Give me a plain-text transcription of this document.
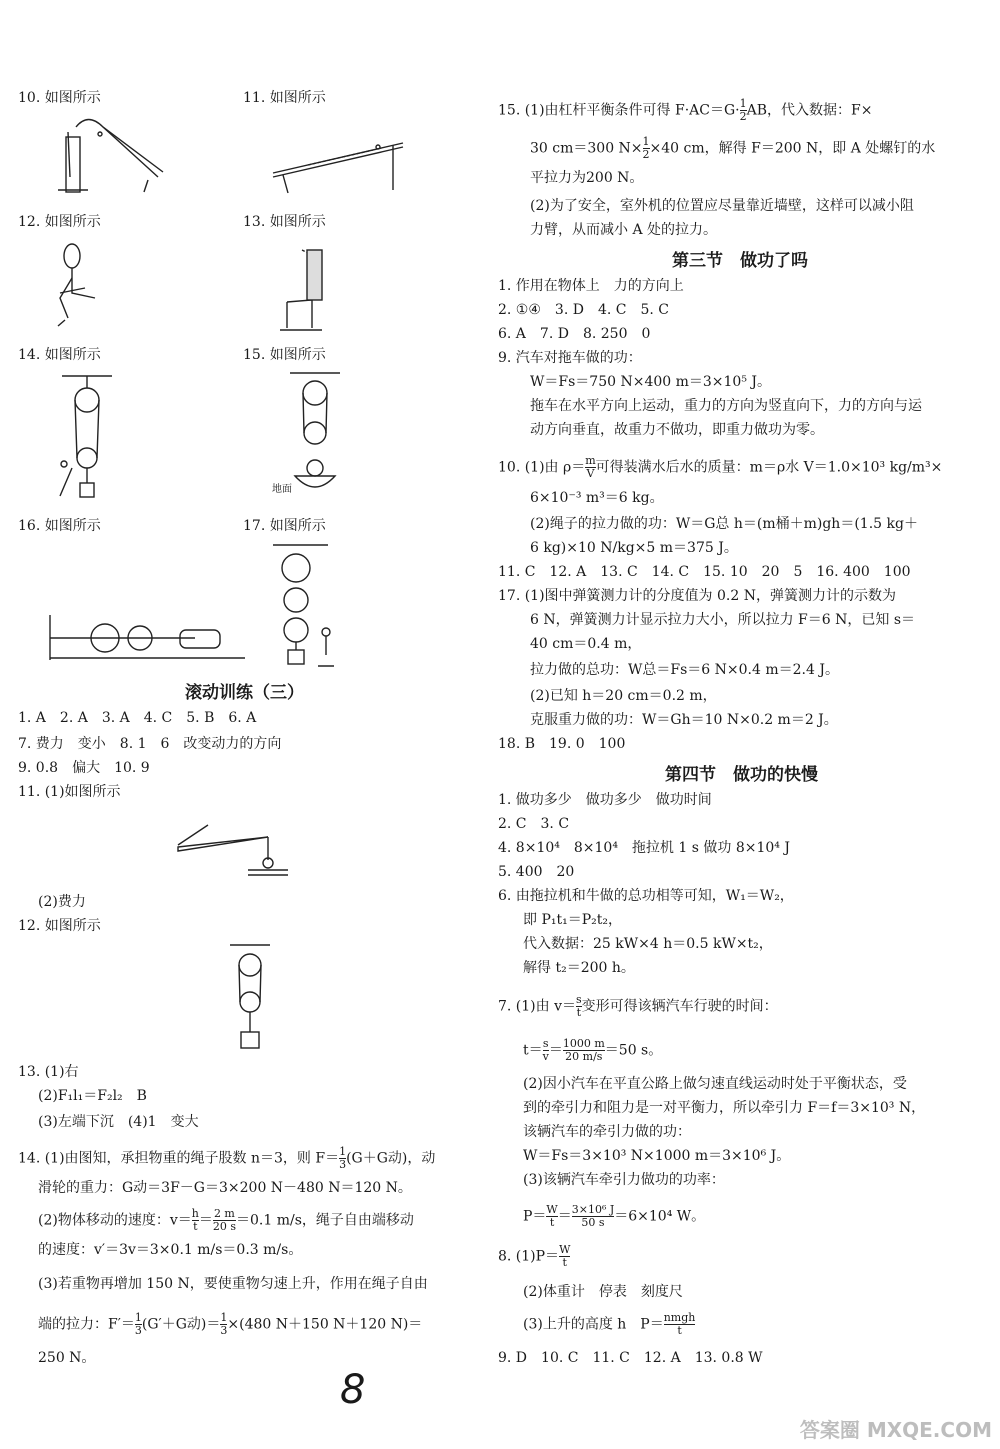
10. 如图所示	11. 如图所示
12. 如图所示	13. 如图所示
14. 如图所示	15. 如图所示
16. 如图所示	17. 如图所示
地面
滚动训练（三）
1. A　2. A　3. A　4. C　5. B　6. A
7. 费力　变小　8. 1　6　改变动力的方向
9. 0.8　偏大　10. 9
11. (1)如图所示
(2)费力
12. 如图所示
13. (1)右
(2)F₁l₁＝F₂l₂　B
(3)左端下沉　(4)1　变大
14. (1)由图知，承担物重的绳子股数 n＝3，则 $F= \frac{1}{3} (G+G$动)，动
滑轮的重力：G动＝3F－G＝3×200 N－480 N＝120 N。
(2)物体移动的速度：$v= \frac{h}{t} = \frac{2 m}{20 s} =0.1$ m/s，绳子自由端移动
的速度：v′＝3v＝3×0.1 m/s＝0.3 m/s。
(3)若重物再增加 150 N，要使重物匀速上升，作用在绳子自由
端的拉力：$F'= \frac{1}{3} (G'+G$动)＝ $\frac{1}{3} \times(480$ N＋150 N＋120 N)＝
250 N。
8
15. (1)由杠杆平衡条件可得 $F\cdot AC=G\cdot \frac{1}{2}$ AB，代入数据：F×
30 cm＝300 $N\times \frac{1}{2} \times 40$ cm，解得 F＝200 N，即 A 处螺钉的水
平拉力为200 N。
(2)为了安全，室外机的位置应尽量靠近墙壁，这样可以减小阻
力臂，从而减小 A 处的拉力。
第三节　做功了吗
1. 作用在物体上　力的方向上
2. ①④　3. D　4. C　5. C
6. A　7. D　8. 250　0
9. 汽车对拖车做的功：
W＝Fs＝750 N×400 m＝3×10⁵ J。
拖车在水平方向上运动，重力的方向为竖直向下，力的方向与运
动方向垂直，故重力不做功，即重力做功为零。
10. (1)由 $\rho= \frac{m}{V}$ 可得装满水后水的质量：m＝ρ水 V＝1.0×10³ kg/m³×
6×10⁻³ m³＝6 kg。
(2)绳子的拉力做的功：W＝G总 h＝(m桶＋m)gh＝(1.5 kg＋
6 kg)×10 N/kg×5 m＝375 J。
11. C　12. A　13. C　14. C　15. 10　20　5　16. 400　100
17. (1)图中弹簧测力计的分度值为 0.2 N，弹簧测力计的示数为
6 N，弹簧测力计显示拉力大小，所以拉力 F＝6 N，已知 s＝
40 cm＝0.4 m，
拉力做的总功：W总＝Fs＝6 N×0.4 m＝2.4 J。
(2)已知 h＝20 cm＝0.2 m，
克服重力做的功：W＝Gh＝10 N×0.2 m＝2 J。
18. B　19. 0　100
第四节　做功的快慢
1. 做功多少　做功多少　做功时间
2. C　3. C
4. 8×10⁴　8×10⁴　拖拉机 1 s 做功 8×10⁴ J
5. 400　20
6. 由拖拉机和牛做的总功相等可知，W₁＝W₂，
即 P₁t₁＝P₂t₂，
代入数据：25 kW×4 h＝0.5 kW×t₂，
解得 t₂＝200 h。
7. (1)由 $v= \frac{s}{t}$ 变形可得该辆汽车行驶的时间：
$t= \frac{s}{v} = \frac{1000 m}{20 m/s} =50$ s。
(2)因小汽车在平直公路上做匀速直线运动时处于平衡状态，受
到的牵引力和阻力是一对平衡力，所以牵引力 F＝f＝3×10³ N，
该辆汽车的牵引力做的功：
W＝Fs＝3×10³ N×1000 m＝3×10⁶ J。
(3)该辆汽车牵引力做功的功率：
$P= \frac{W}{t} = \frac{\text{3×10⁶ J}}{50 s} =6\times 10^4$ W。
8. $(1)P= \frac{W}{t}$
(2)体重计　停表　刻度尺
(3)上升的高度 h　$P= \frac{\text{nmgh}}{t}$
9. D　10. C　11. C　12. A　13. 0.8 W
答案圈 MXQE.COM
